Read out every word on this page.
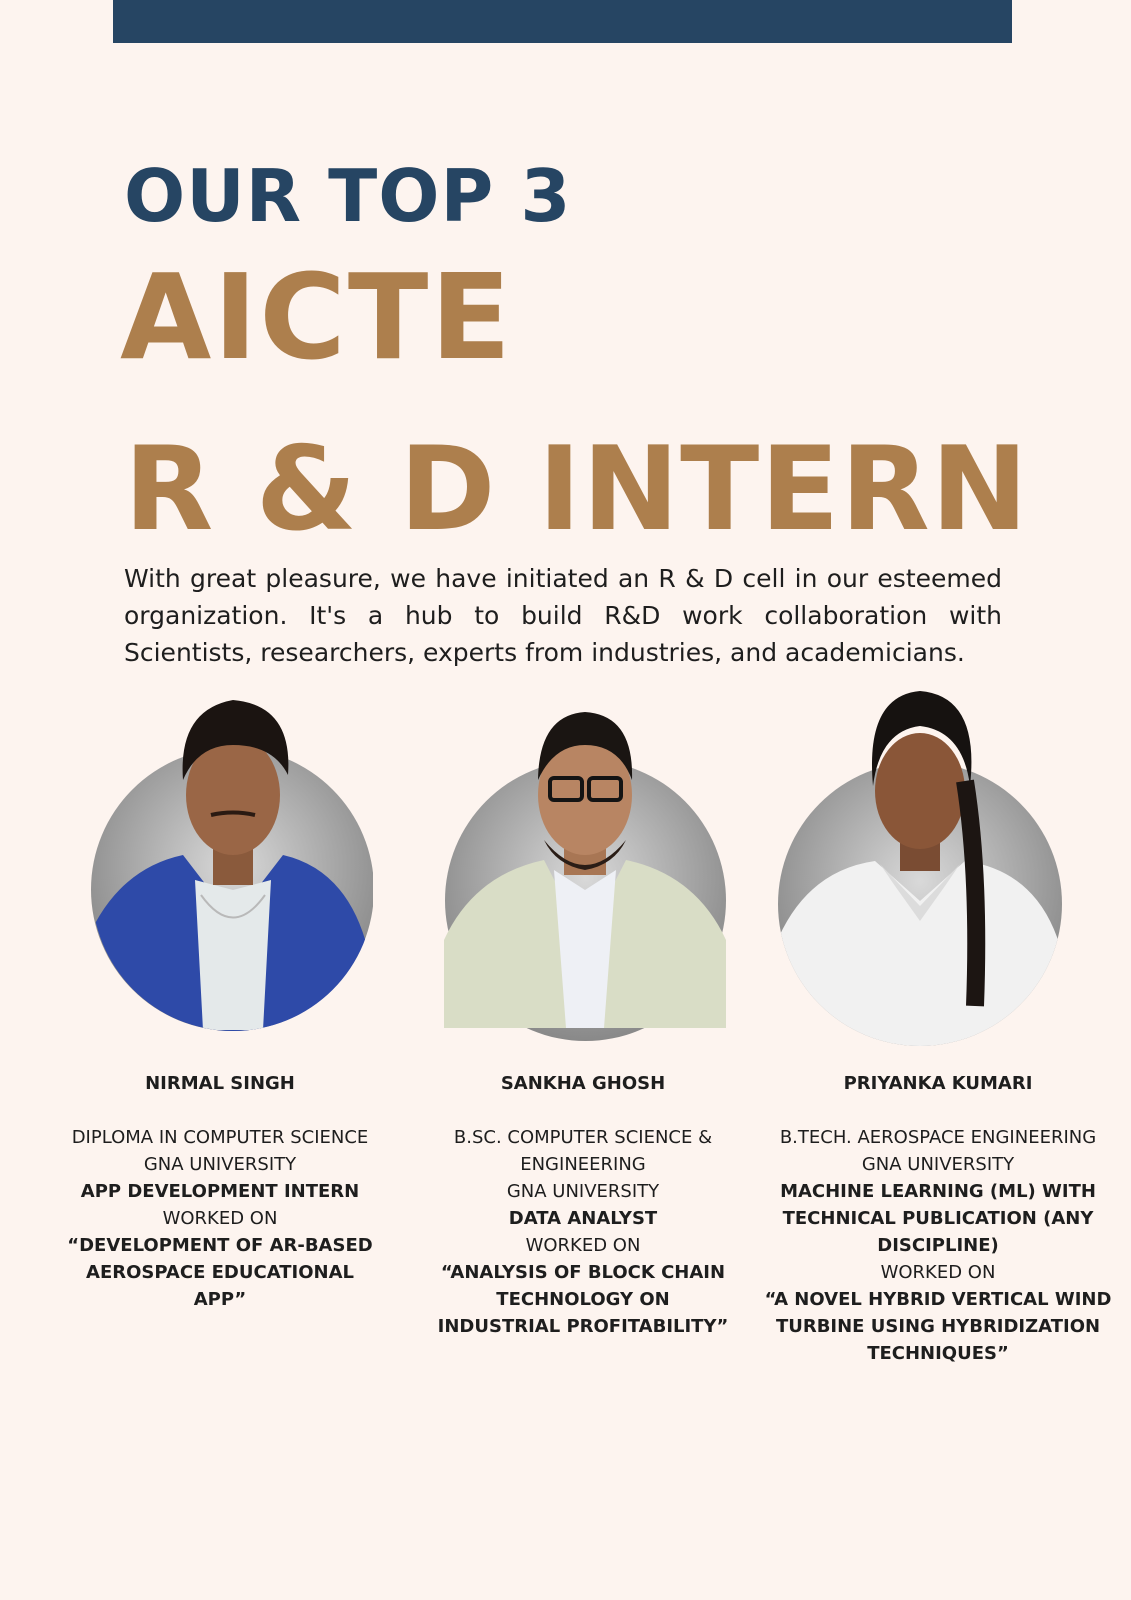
OUR TOP 3
AICTE
R & D INTERN

With great pleasure, we have initiated an R & D cell in our esteemed organization. It's a hub to build R&D work collaboration with Scientists, researchers, experts from industries, and academicians.

NIRMAL SINGH
DIPLOMA IN COMPUTER SCIENCE
GNA UNIVERSITY
APP DEVELOPMENT INTERN
WORKED ON
“DEVELOPMENT OF AR-BASED
AEROSPACE EDUCATIONAL APP”
SANKHA GHOSH
B.SC. COMPUTER SCIENCE &
ENGINEERING
GNA UNIVERSITY
DATA ANALYST
WORKED ON
“ANALYSIS OF BLOCK CHAIN
TECHNOLOGY ON
INDUSTRIAL PROFITABILITY”
PRIYANKA KUMARI
B.TECH. AEROSPACE ENGINEERING
GNA UNIVERSITY
MACHINE LEARNING (ML) WITH
TECHNICAL PUBLICATION (ANY
DISCIPLINE)
WORKED ON
“A NOVEL HYBRID VERTICAL WIND
TURBINE USING HYBRIDIZATION
TECHNIQUES”
